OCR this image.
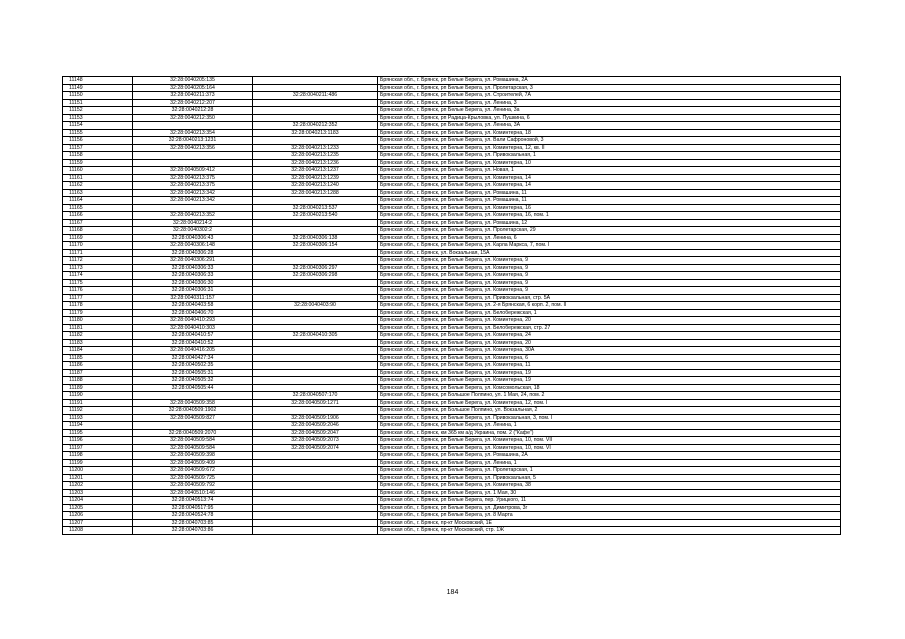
11148	32:28:0040205:135		Брянская обл., г. Брянск, рп Белые Берега, ул. Ромашина, 2А
11149	32:28:0040205:164		Брянская обл., г. Брянск, рп Белые Берега, ул. Пролетарская, 3
11150	32:28:0040211:373	32:28:0040211:486	Брянская обл., г. Брянск, рп Белые Берега, ул. Строителей, 7А
11151	32:28:0040212:207		Брянская обл., г. Брянск, рп Белые Берега, ул. Ленина, 3
11152	32:28:0040212:28		Брянская обл., г. Брянск, рп Белые Берега, ул. Ленина, 3а
11153	32:28:0040212:350		Брянская обл., г. Брянск, рп Радица-Крыловка, ул. Пушкина, 6
11154		32:28:0040212:352	Брянская обл., г. Брянск, рп Белые Берега, ул. Ленина, 3А
11155	32:28:0040213:354	32:28:0040213:1183	Брянская обл., г. Брянск, рп Белые Берега, ул. Коминтерна, 18
11156	32:28:0040213:1231		Брянская обл., г. Брянск, рп Белые Берега, ул. Вали Сафроновой, 3
11157	32:28:0040213:356	32:28:0040213:1233	Брянская обл., г. Брянск, рп Белые Берега, ул. Коминтерна, 12, кв. II
11158		32:28:0040213:1235	Брянская обл., г. Брянск, рп Белые Берега, ул. Привокзальная, 1
11159		32:28:0040213:1236	Брянская обл., г. Брянск, рп Белые Берега, ул. Коминтерна, 10
11160	32:28:0040509:412	32:28:0040213:1237	Брянская обл., г. Брянск, рп Белые Берега, ул. Новая, 1
11161	32:28:0040213:375	32:28:0040213:1239	Брянская обл., г. Брянск, рп Белые Берега, ул. Коминтерна, 14
11162	32:28:0040213:375	32:28:0040213:1240	Брянская обл., г. Брянск, рп Белые Берега, ул. Коминтерна, 14
11163	32:28:0040213:342	32:28:0040213:1288	Брянская обл., г. Брянск, рп Белые Берега, ул. Ромашина, 11
11164	32:28:0040213:342		Брянская обл., г. Брянск, рп Белые Берега, ул. Ромашина, 11
11165		32:28:0040213:537	Брянская обл., г. Брянск, рп Белые Берега, ул. Коминтерна, 16
11166	32:28:0040213:352	32:28:0040213:540	Брянская обл., г. Брянск, рп Белые Берега, ул. Коминтерна, 16, пом. 1
11167	32:28:0040214:2		Брянская обл., г. Брянск, рп Белые Берега, ул. Ромашина, 12
11168	32:28:0040302:2		Брянская обл., г. Брянск, рп Белые Берега, ул. Пролетарская, 29
11169	32:28:0040306:43	32:28:0040306:138	Брянская обл., г. Брянск, рп Белые Берега, ул. Ленина, 6
11170	32:28:0040306:148	32:28:0040306:154	Брянская обл., г. Брянск, рп Белые Берега, ул. Карла Маркса, 7, пом. I
11171	32:28:0040306:28		Брянская обл., г. Брянск, ул. Вокзальная, 15А
11172	32:28:0040306:291		Брянская обл., г. Брянск, рп Белые Берега, ул. Коминтерна, 9
11173	32:28:0040306:33	32:28:0040306:297	Брянская обл., г. Брянск, рп Белые Берега, ул. Коминтерна, 9
11174	32:28:0040306:33	32:28:0040306:298	Брянская обл., г. Брянск, рп Белые Берега, ул. Коминтерна, 9
11175	32:28:0040306:30		Брянская обл., г. Брянск, рп Белые Берега, ул. Коминтерна, 9
11176	32:28:0040306:31		Брянская обл., г. Брянск, рп Белые Берега, ул. Коминтерна, 9
11177	32:28:0040311:157		Брянская обл., г. Брянск, рп Белые Берега, ул. Привокзальная, стр. 5А
11178	32:28:0040403:58	32:28:0040403:90	Брянская обл., г. Брянск, рп Белые Берега, ул. 2-я Брянская, 6 корп. 2, пом. II
11179	32:28:0040406:70		Брянская обл., г. Брянск, рп Белые Берега, ул. Белобережская, 1
11180	32:28:0040410:293		Брянская обл., г. Брянск, рп Белые Берега, ул. Коминтерна, 20
11181	32:28:0040410:303		Брянская обл., г. Брянск, рп Белые Берега, ул. Белобережская, стр. 27
11182	32:28:0040410:57	32:28:0040410:305	Брянская обл., г. Брянск, рп Белые Берега, ул. Коминтерна, 24
11183	32:28:0040410:52		Брянская обл., г. Брянск, рп Белые Берега, ул. Коминтерна, 20
11184	32:28:0040416:205		Брянская обл., г. Брянск, рп Белые Берега, ул. Коминтерна, 30А
11185	32:28:0040427:34		Брянская обл., г. Брянск, рп Белые Берега, ул. Коминтерна, 6
11186	32:28:0040502:35		Брянская обл., г. Брянск, рп Белые Берега, ул. Коминтерна, 11
11187	32:28:0040505:31		Брянская обл., г. Брянск, рп Белые Берега, ул. Коминтерна, 19
11188	32:28:0040505:32		Брянская обл., г. Брянск, рп Белые Берега, ул. Коминтерна, 19
11189	32:28:0040505:44		Брянская обл., г. Брянск, рп Белые Берега, ул. Комсомольская, 18
11190		32:28:0040507:170	Брянская обл., г. Брянск, рп Большое Полпино, ул. 1 Мая, 24, пом. 2
11191	32:28:0040509:358	32:28:0040509:1271	Брянская обл., г. Брянск, рп Белые Берега, ул. Коминтерна, 12, пом. I
11192	32:28:0040509:1902		Брянская обл., г. Брянск, рп Большое Полпино, ул. Вокзальная, 2
11193	32:28:0040509:827	32:28:0040509:1906	Брянская обл., г. Брянск, рп Белые Берега, ул. Привокзальная, 3, пом. I
11194		32:28:0040509:2046	Брянская обл., г. Брянск, рп Белые Берега, ул. Ленина, 1
11195	32:28:0040509:2070	32:28:0040509:2047	Брянская обл., г. Брянск, км 365 км а/д Украина, пом. 2 ("Кафе")
11196	32:28:0040509:584	32:28:0040509:2073	Брянская обл., г. Брянск, рп Белые Берега, ул. Коминтерна, 10, пом. VII
11197	32:28:0040509:584	32:28:0040509:2074	Брянская обл., г. Брянск, рп Белые Берега, ул. Коминтерна, 10, пом. VI
11198	32:28:0040509:398		Брянская обл., г. Брянск, рп Белые Берега, ул. Ромашина, 2А
11199	32:28:0040509:409		Брянская обл., г. Брянск, рп Белые Берега, ул. Ленина, 1
11200	32:28:0040509:672		Брянская обл., г. Брянск, рп Белые Берега, ул. Пролетарская, 1
11201	32:28:0040509:725		Брянская обл., г. Брянск, рп Белые Берега, ул. Привокзальная, 5
11202	32:28:0040509:792		Брянская обл., г. Брянск, рп Белые Берега, ул. Коминтерна, 38
11203	32:28:0040510:146		Брянская обл., г. Брянск, рп Белые Берега, ул. 1 Мая, 30
11204	32:28:0040513:74		Брянская обл., г. Брянск, рп Белые Берега, пер. Урицкого, 11
11205	32:28:0040517:95		Брянская обл., г. Брянск, рп Белые Берега, ул. Димитрова, 3г
11206	32:28:0040524:78		Брянская обл., г. Брянск, рп Белые Берега, ул. 8 Марта
11207	32:28:0040703:85		Брянская обл., г. Брянск, пр-кт Московский, 1Е
11208	32:28:0040703:86		Брянская обл., г. Брянск, пр-кт Московский, стр. 1Ж
184
